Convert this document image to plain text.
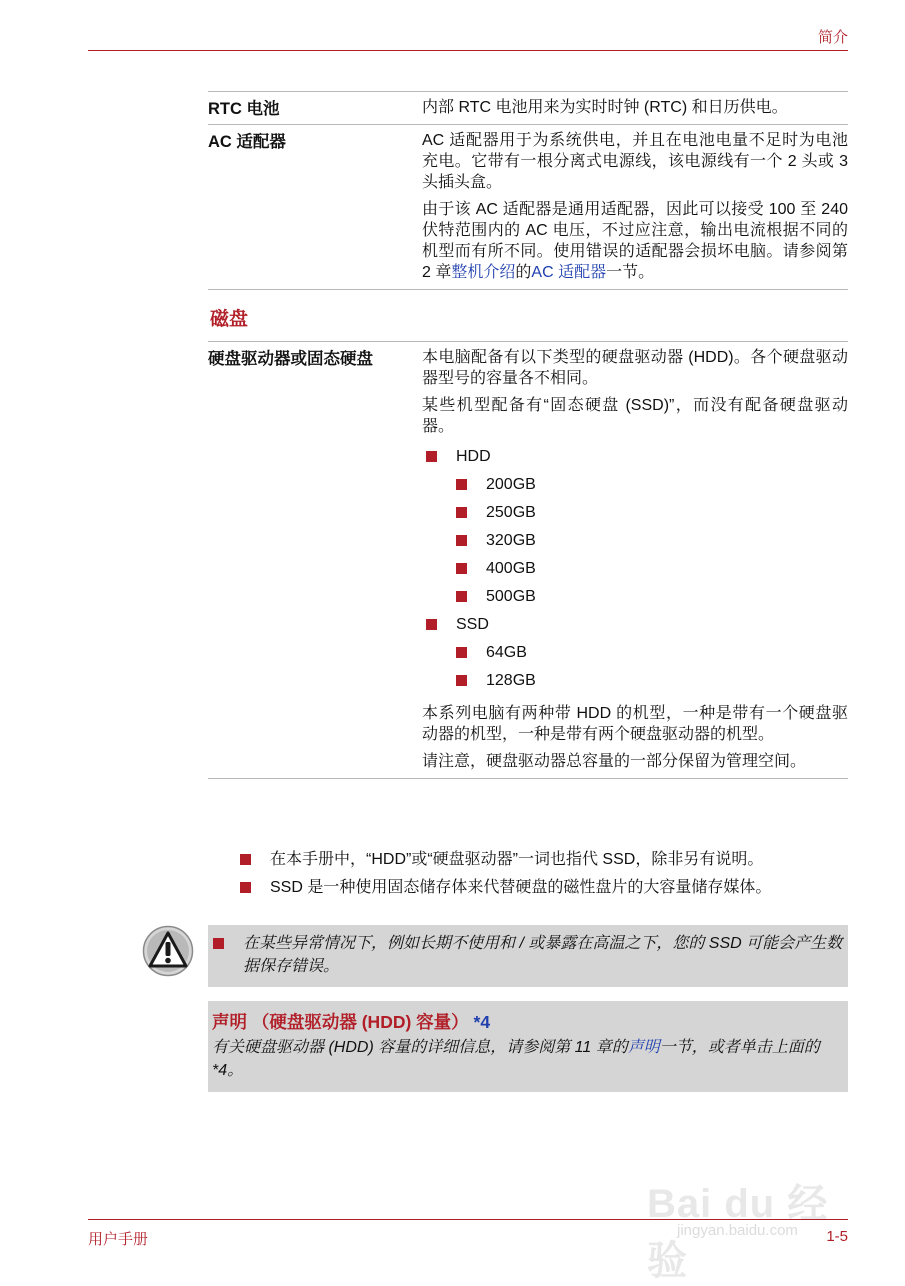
简介
RTC 电池	内部 RTC 电池用来为实时时钟 (RTC) 和日历供电。

AC 适配器	AC 适配器用于为系统供电，并且在电池电量不足时为电池充电。它带有一根分离式电源线，该电源线有一个 2 头或 3 头插头盒。

由于该 AC 适配器是通用适配器，因此可以接受 100 至 240 伏特范围内的 AC 电压，不过应注意，输出电流根据不同的机型而有所不同。使用错误的适配器会损坏电脑。请参阅第 2 章整机介绍的AC 适配器一节。

磁盘
硬盘驱动器或固态硬盘	本电脑配备有以下类型的硬盘驱动器 (HDD)。各个硬盘驱动器型号的容量各不相同。

某些机型配备有“固态硬盘 (SSD)”，而没有配备硬盘驱动器。

HDD
200GB
250GB
320GB
400GB
500GB
SSD
64GB
128GB

本系列电脑有两种带 HDD 的机型，一种是带有一个硬盘驱动器的机型，一种是带有两个硬盘驱动器的机型。

请注意，硬盘驱动器总容量的一部分保留为管理空间。

在本手册中，“HDD”或“硬盘驱动器”一词也指代 SSD，除非另有说明。
SSD 是一种使用固态储存体来代替硬盘的磁性盘片的大容量储存媒体。
在某些异常情况下，例如长期不使用和 / 或暴露在高温之下，您的 SSD 可能会产生数据保存错误。
声明 （硬盘驱动器 (HDD) 容量） *4
有关硬盘驱动器 (HDD) 容量的详细信息，请参阅第 11 章的声明一节，或者单击上面的 *4。
Bai du 经验
jingyan.baidu.com
用户手册	1-5
